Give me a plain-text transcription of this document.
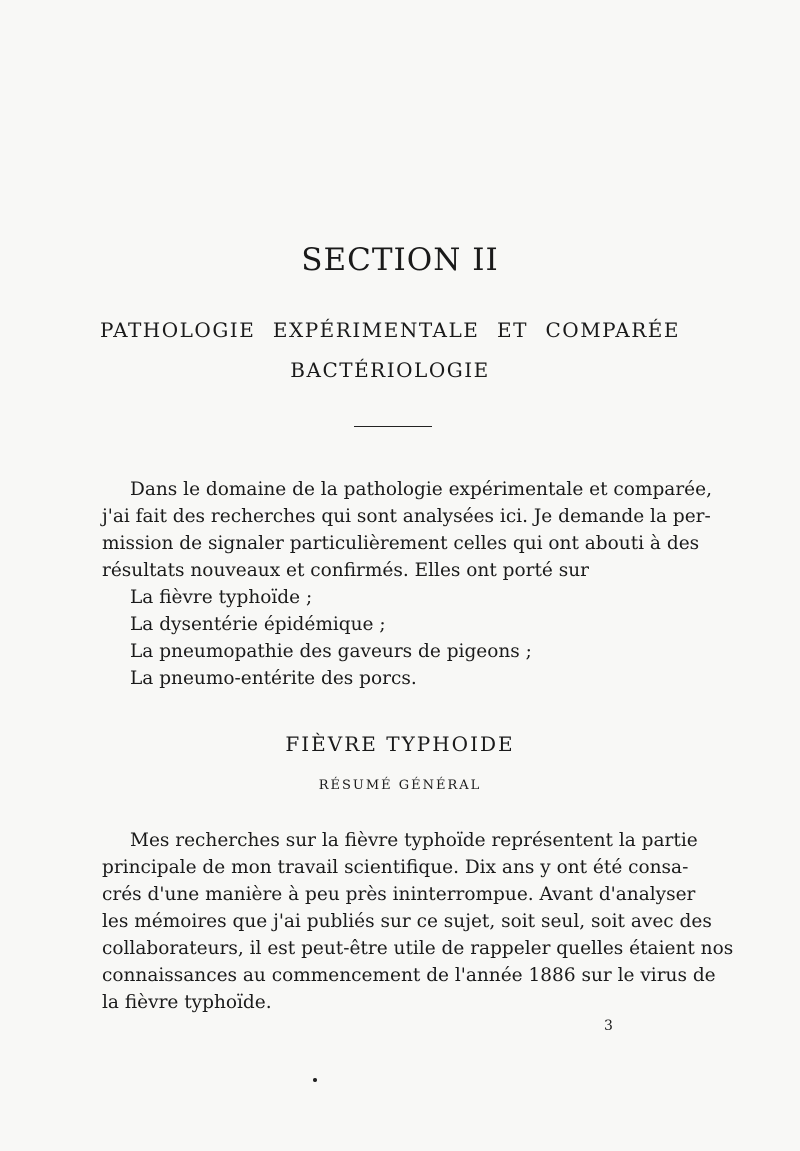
SECTION II
PATHOLOGIE EXPÉRIMENTALE ET COMPARÉE
BACTÉRIOLOGIE
Dans le domaine de la pathologie expérimentale et comparée,
j'ai fait des recherches qui sont analysées ici. Je demande la per-
mission de signaler particulièrement celles qui ont abouti à des
résultats nouveaux et confirmés. Elles ont porté sur
La fièvre typhoïde ;
La dysentérie épidémique ;
La pneumopathie des gaveurs de pigeons ;
La pneumo-entérite des porcs.
FIÈVRE TYPHOIDE
RÉSUMÉ GÉNÉRAL
Mes recherches sur la fièvre typhoïde représentent la partie
principale de mon travail scientifique. Dix ans y ont été consa-
crés d'une manière à peu près ininterrompue. Avant d'analyser
les mémoires que j'ai publiés sur ce sujet, soit seul, soit avec des
collaborateurs, il est peut-être utile de rappeler quelles étaient nos
connaissances au commencement de l'année 1886 sur le virus de
la fièvre typhoïde.
3
